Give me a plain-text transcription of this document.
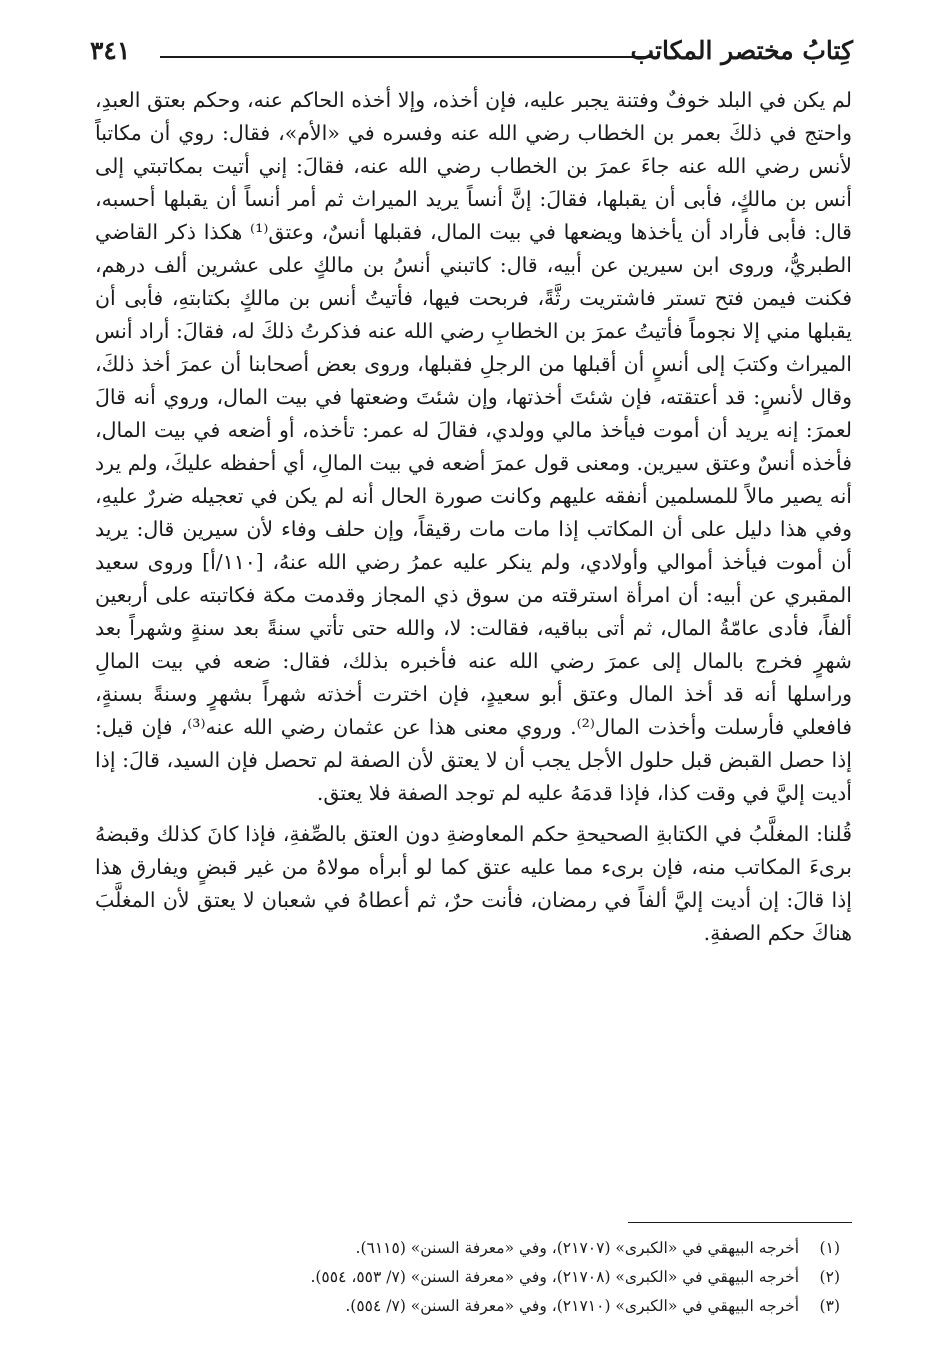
كِتابُ مختصر المكاتب
٣٤١

لم يكن في البلد خوفٌ وفتنة يجبر عليه، فإن أخذه، وإلا أخذه الحاكم عنه، وحكم بعتق العبدِ، واحتج في ذلكَ بعمر بن الخطاب رضي الله عنه وفسره في «الأم»، فقال: روي أن مكاتباً لأنس رضي الله عنه جاءَ عمرَ بن الخطاب رضي الله عنه، فقالَ: إني أتيت بمكاتبتي إلى أنس بن مالكٍ، فأبى أن يقبلها، فقالَ: إنَّ أنساً يريد الميراث ثم أمر أنساً أن يقبلها أحسبه، قال: فأبى فأراد أن يأخذها ويضعها في بيت المال، فقبلها أنسٌ، وعتق⁽¹⁾ هكذا ذكر القاضي الطبريُّ، وروى ابن سيرين عن أبيه، قال: كاتبني أنسُ بن مالكٍ على عشرين ألف درهم، فكنت فيمن فتح تستر فاشتريت رثَّةً، فربحت فيها، فأتيتُ أنس بن مالكٍ بكتابتهِ، فأبى أن يقبلها مني إلا نجوماً فأتيتُ عمرَ بن الخطابِ رضي الله عنه فذكرتُ ذلكَ له، فقالَ: أراد أنس الميراث وكتبَ إلى أنسٍ أن أقبلها من الرجلِ فقبلها، وروى بعض أصحابنا أن عمرَ أخذ ذلكَ، وقال لأنسٍ: قد أعتقته، فإن شئتَ أخذتها، وإن شئتَ وضعتها في بيت المال، وروي أنه قالَ لعمرَ: إنه يريد أن أموت فيأخذ مالي وولدي، فقالَ له عمر: تأخذه، أو أضعه في بيت المال، فأخذه أنسٌ وعتق سيرين. ومعنى قول عمرَ أضعه في بيت المالِ، أي أحفظه عليكَ، ولم يرد أنه يصير مالاً للمسلمين أنفقه عليهم وكانت صورة الحال أنه لم يكن في تعجيله ضررٌ عليهِ، وفي هذا دليل على أن المكاتب إذا مات مات رقيقاً، وإن حلف وفاء لأن سيرين قال: يريد أن أموت فيأخذ أموالي وأولادي، ولم ينكر عليه عمرُ رضي الله عنهُ، [١١٠/أ] وروى سعيد المقبري عن أبيه: أن امرأة استرقته من سوق ذي المجاز وقدمت مكة فكاتبته على أربعين ألفاً، فأدى عامّةُ المال، ثم أتى بباقيه، فقالت: لا، والله حتى تأتي سنةً بعد سنةٍ وشهراً بعد شهرٍ فخرج بالمال إلى عمرَ رضي الله عنه فأخبره بذلك، فقال: ضعه في بيت المالِ وراسلها أنه قد أخذ المال وعتق أبو سعيدٍ، فإن اخترت أخذته شهراً بشهرٍ وسنةً بسنةٍ، فافعلي فأرسلت وأخذت المال⁽²⁾. وروي معنى هذا عن عثمان رضي الله عنه⁽³⁾، فإن قيل: إذا حصل القبض قبل حلول الأجل يجب أن لا يعتق لأن الصفة لم تحصل فإن السيد، قالَ: إذا أديت إليَّ في وقت كذا، فإذا قدمَهُ عليه لم توجد الصفة فلا يعتق.

قُلنا: المغلَّبُ في الكتابةِ الصحيحةِ حكم المعاوضةِ دون العتق بالصِّفةِ، فإذا كانَ كذلك وقبضهُ برىءَ المكاتب منه، فإن برىء مما عليه عتق كما لو أبرأه مولاهُ من غير قبضٍ ويفارق هذا إذا قالَ: إن أديت إليَّ ألفاً في رمضان، فأنت حرٌ، ثم أعطاهُ في شعبان لا يعتق لأن المغلَّبَ هناكَ حكم الصفةِ.

(١) أخرجه البيهقي في «الكبرى» (٢١٧٠٧)، وفي «معرفة السنن» (٦١١٥).

(٢) أخرجه البيهقي في «الكبرى» (٢١٧٠٨)، وفي «معرفة السنن» (٧/ ٥٥٣، ٥٥٤).

(٣) أخرجه البيهقي في «الكبرى» (٢١٧١٠)، وفي «معرفة السنن» (٧/ ٥٥٤).
